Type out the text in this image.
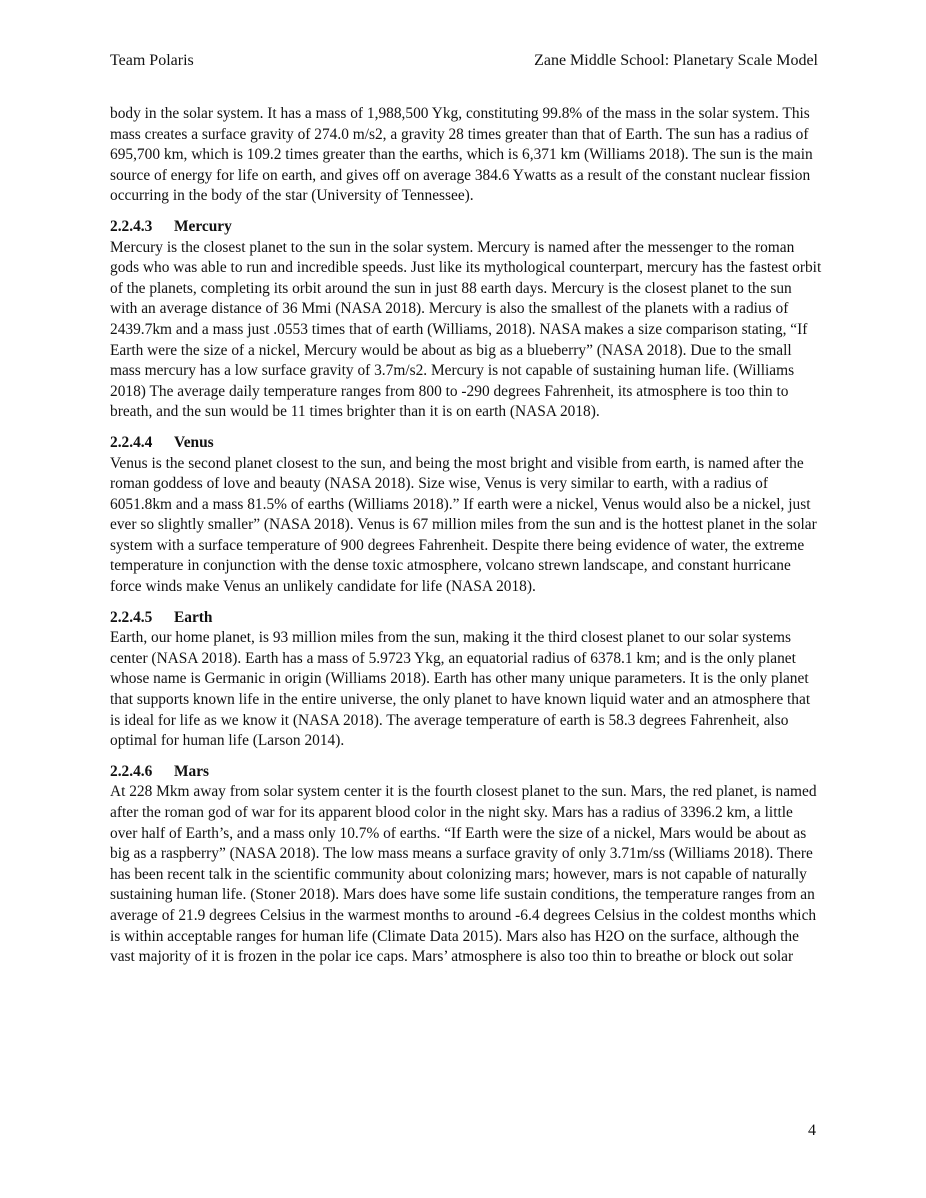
Team Polaris	Zane Middle School: Planetary Scale Model

body in the solar system. It has a mass of 1,988,500 Ykg, constituting 99.8% of the mass in the solar system. This mass creates a surface gravity of 274.0 m/s2, a gravity 28 times greater than that of Earth. The sun has a radius of 695,700 km, which is 109.2 times greater than the earths, which is 6,371 km (Williams 2018). The sun is the main source of energy for life on earth, and gives off on average 384.6 Ywatts as a result of the constant nuclear fission occurring in the body of the star (University of Tennessee).

2.2.4.3 Mercury

Mercury is the closest planet to the sun in the solar system. Mercury is named after the messenger to the roman gods who was able to run and incredible speeds. Just like its mythological counterpart, mercury has the fastest orbit of the planets, completing its orbit around the sun in just 88 earth days. Mercury is the closest planet to the sun with an average distance of 36 Mmi (NASA 2018). Mercury is also the smallest of the planets with a radius of 2439.7km and a mass just .0553 times that of earth (Williams, 2018). NASA makes a size comparison stating, “If Earth were the size of a nickel, Mercury would be about as big as a blueberry” (NASA 2018). Due to the small mass mercury has a low surface gravity of 3.7m/s2. Mercury is not capable of sustaining human life. (Williams 2018) The average daily temperature ranges from 800 to -290 degrees Fahrenheit, its atmosphere is too thin to breath, and the sun would be 11 times brighter than it is on earth (NASA 2018).

2.2.4.4 Venus

Venus is the second planet closest to the sun, and being the most bright and visible from earth, is named after the roman goddess of love and beauty (NASA 2018). Size wise, Venus is very similar to earth, with a radius of 6051.8km and a mass 81.5% of earths (Williams 2018).” If earth were a nickel, Venus would also be a nickel, just ever so slightly smaller” (NASA 2018). Venus is 67 million miles from the sun and is the hottest planet in the solar system with a surface temperature of 900 degrees Fahrenheit. Despite there being evidence of water, the extreme temperature in conjunction with the dense toxic atmosphere, volcano strewn landscape, and constant hurricane force winds make Venus an unlikely candidate for life (NASA 2018).

2.2.4.5 Earth

Earth, our home planet, is 93 million miles from the sun, making it the third closest planet to our solar systems center (NASA 2018). Earth has a mass of 5.9723 Ykg, an equatorial radius of 6378.1 km; and is the only planet whose name is Germanic in origin (Williams 2018). Earth has other many unique parameters. It is the only planet that supports known life in the entire universe, the only planet to have known liquid water and an atmosphere that is ideal for life as we know it (NASA 2018). The average temperature of earth is 58.3 degrees Fahrenheit, also optimal for human life (Larson 2014).

2.2.4.6 Mars

At 228 Mkm away from solar system center it is the fourth closest planet to the sun. Mars, the red planet, is named after the roman god of war for its apparent blood color in the night sky. Mars has a radius of 3396.2 km, a little over half of Earth’s, and a mass only 10.7% of earths. “If Earth were the size of a nickel, Mars would be about as big as a raspberry” (NASA 2018). The low mass means a surface gravity of only 3.71m/ss (Williams 2018). There has been recent talk in the scientific community about colonizing mars; however, mars is not capable of naturally sustaining human life. (Stoner 2018). Mars does have some life sustain conditions, the temperature ranges from an average of 21.9 degrees Celsius in the warmest months to around -6.4 degrees Celsius in the coldest months which is within acceptable ranges for human life (Climate Data 2015). Mars also has H2O on the surface, although the vast majority of it is frozen in the polar ice caps. Mars’ atmosphere is also too thin to breathe or block out solar

4
